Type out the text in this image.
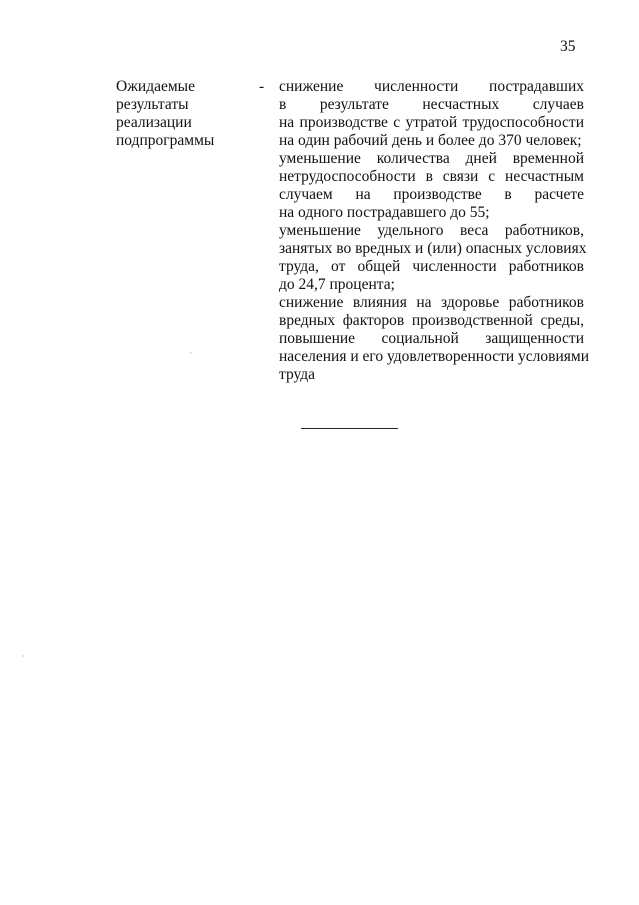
35
Ожидаемые
результаты
реализации
подпрограммы
- снижение численности пострадавших
в результате несчастных случаев
на производстве с утратой трудоспособности
на один рабочий день и более до 370 человек;
уменьшение количества дней временной
нетрудоспособности в связи с несчастным
случаем на производстве в расчете
на одного пострадавшего до 55;
уменьшение удельного веса работников,
занятых во вредных и (или) опасных условиях
труда, от общей численности работников
до 24,7 процента;
снижение влияния на здоровье работников
вредных факторов производственной среды,
повышение социальной защищенности
населения и его удовлетворенности условиями
труда
